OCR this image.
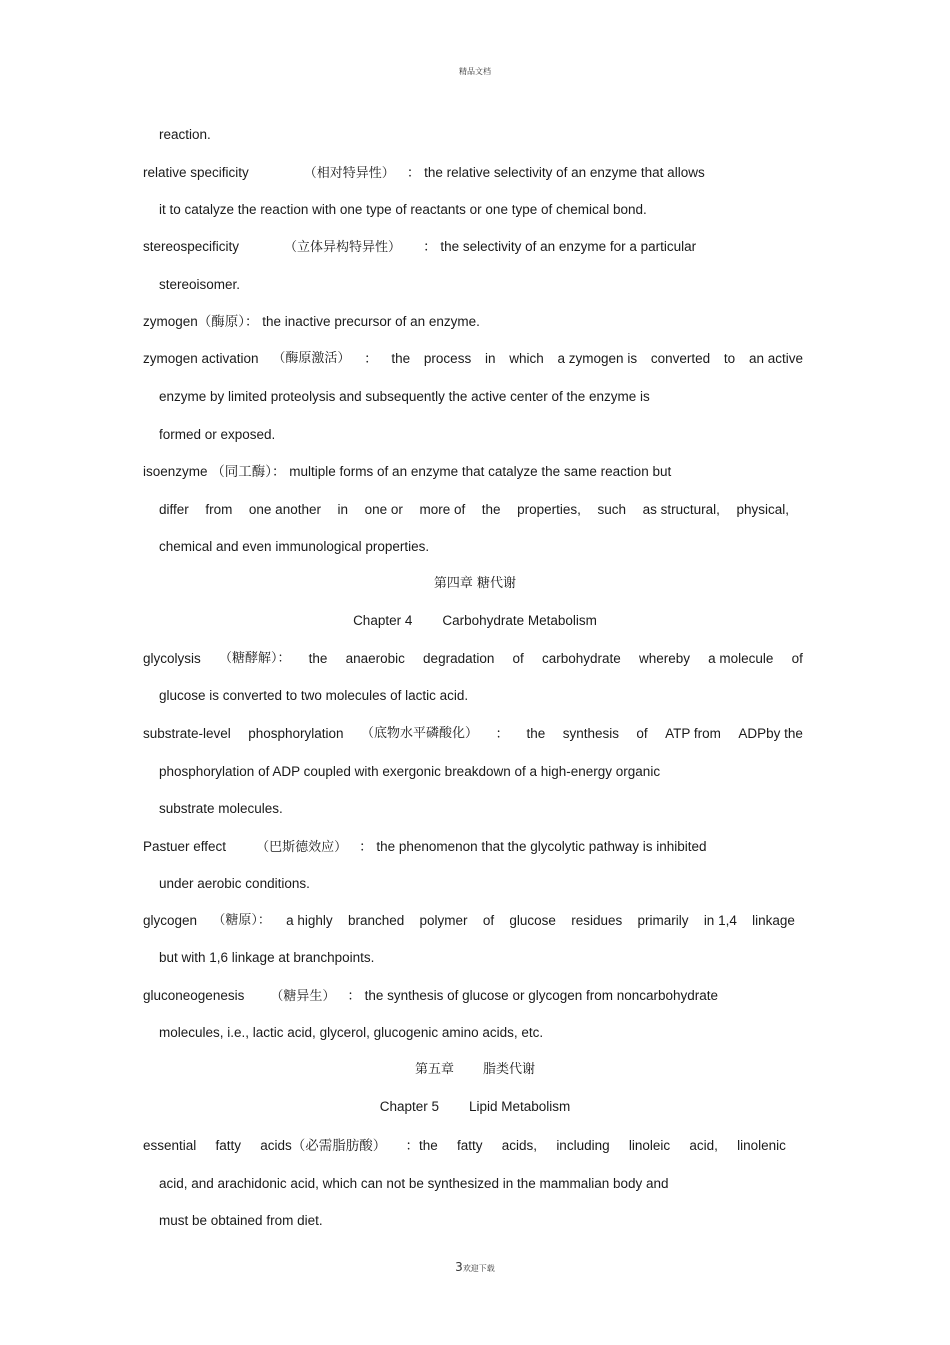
精品文档
reaction.
relative specificity	（相对特异性） ： the relative selectivity of an enzyme that allows
it to catalyze the reaction with one type of reactants or one type of chemical bond.
stereospecificity	（立体异构特异性） ： the selectivity of an enzyme for a particular
stereoisomer.
zymogen（酶原）： the inactive precursor of an enzyme.
zymogen activation （酶原激活） ： the process in which a zymogen is converted to an active
enzyme by limited proteolysis and subsequently the active center of the enzyme is
formed or exposed.
isoenzyme （同工酶）： multiple forms of an enzyme that catalyze the same reaction but
differ from one another in one or more of the properties, such as structural, physical,
chemical and even immunological properties.
第四章 糖代谢
Chapter 4        Carbohydrate Metabolism
glycolysis （糖酵解）： the anaerobic degradation of carbohydrate whereby a molecule of
glucose is converted to two molecules of lactic acid.
substrate-level phosphorylation （底物水平磷酸化） ： the synthesis of ATP from ADPby the
phosphorylation of ADP coupled with exergonic breakdown of a high-energy organic
substrate molecules.
Pastuer effect （巴斯德效应） ： the phenomenon that the glycolytic pathway is inhibited
under aerobic conditions.
glycogen （糖原）： a highly branched polymer of glucose residues primarily in 1,4 linkage
but with 1,6 linkage at branchpoints.
gluconeogenesis （糖异生） ： the synthesis of glucose or glycogen from noncarbohydrate
molecules, i.e., lactic acid, glycerol, glucogenic amino acids, etc.
第五章       脂类代谢
Chapter 5        Lipid Metabolism
essential fatty acids（必需脂肪酸） ：the fatty acids, including linoleic acid, linolenic
acid, and arachidonic acid, which can not be synthesized in the mammalian body and
must be obtained from diet.
3欢迎下载
